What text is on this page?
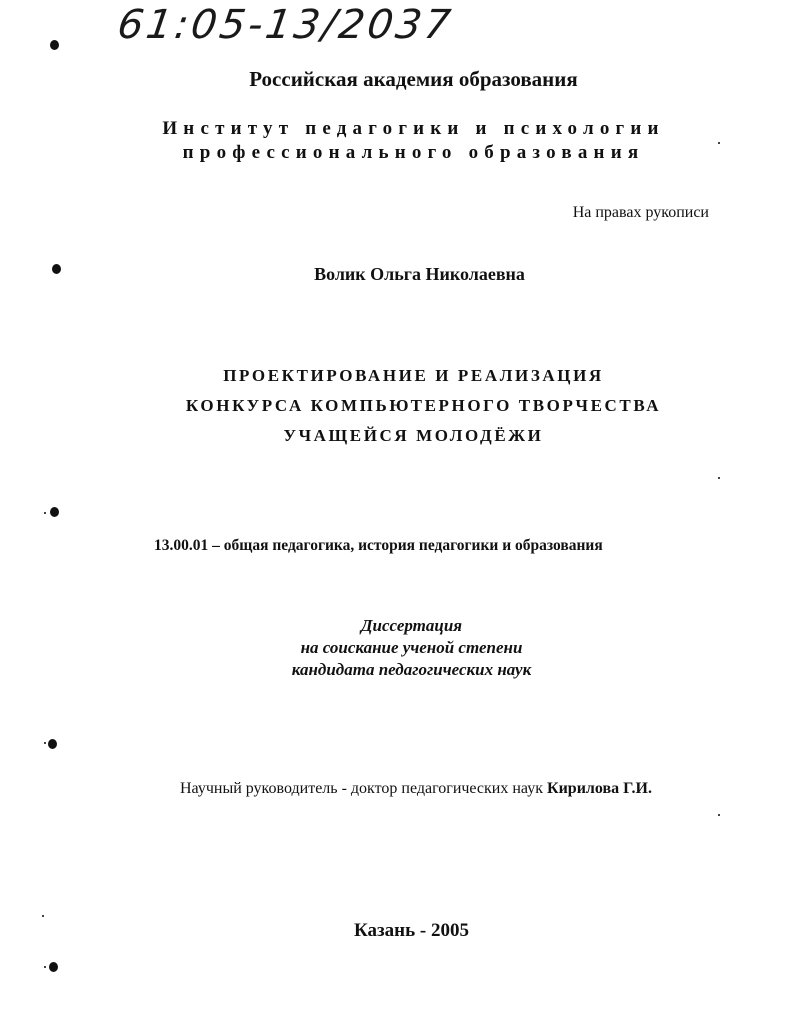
61:05-13/2037
Российская академия образования
Институт педагогики и психологии
профессионального образования
На правах рукописи
Волик Ольга Николаевна
ПРОЕКТИРОВАНИЕ И РЕАЛИЗАЦИЯ
КОНКУРСА КОМПЬЮТЕРНОГО ТВОРЧЕСТВА
УЧАЩЕЙСЯ МОЛОДЁЖИ
13.00.01 – общая педагогика, история педагогики и образования
Диссертация
на соискание ученой степени
кандидата педагогических наук
Научный руководитель - доктор педагогических наук Кирилова Г.И.
Казань - 2005
